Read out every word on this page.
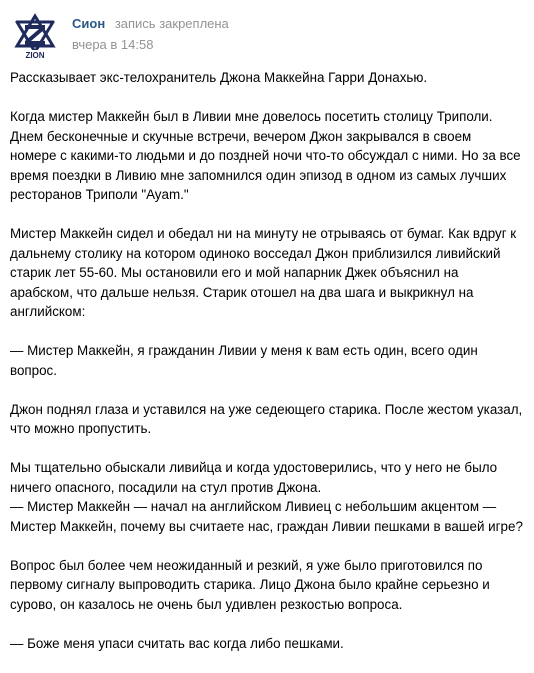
ZION
Сион запись закреплена
вчера в 14:58

Рассказывает экс-телохранитель Джона Маккейна Гарри Донахью.

Когда мистер Маккейн был в Ливии мне довелось посетить столицу Триполи.
Днем бесконечные и скучные встречи, вечером Джон закрывался в своем
номере с какими-то людьми и до поздней ночи что-то обсуждал с ними. Но за все
время поездки в Ливию мне запомнился один эпизод в одном из самых лучших
ресторанов Триполи "Ayam."

Мистер Маккейн сидел и обедал ни на минуту не отрываясь от бумаг. Как вдруг к
дальнему столику на котором одиноко восседал Джон приблизился ливийский
старик лет 55-60. Мы остановили его и мой напарник Джек объяснил на
арабском, что дальше нельзя. Старик отошел на два шага и выкрикнул на
английском:

— Мистер Маккейн, я гражданин Ливии у меня к вам есть один, всего один вопрос.

Джон поднял глаза и уставился на уже седеющего старика. После жестом указал,
что можно пропустить.

Мы тщательно обыскали ливийца и когда удостоверились, что у него не было
ничего опасного, посадили на стул против Джона.
— Мистер Маккейн — начал на английском Ливиец с небольшим акцентом —
Мистер Маккейн, почему вы считаете нас, граждан Ливии пешками в вашей игре?

Вопрос был более чем неожиданный и резкий, я уже было приготовился по
первому сигналу выпроводить старика. Лицо Джона было крайне серьезно и
сурово, он казалось не очень был удивлен резкостью вопроса.

— Боже меня упаси считать вас когда либо пешками.
